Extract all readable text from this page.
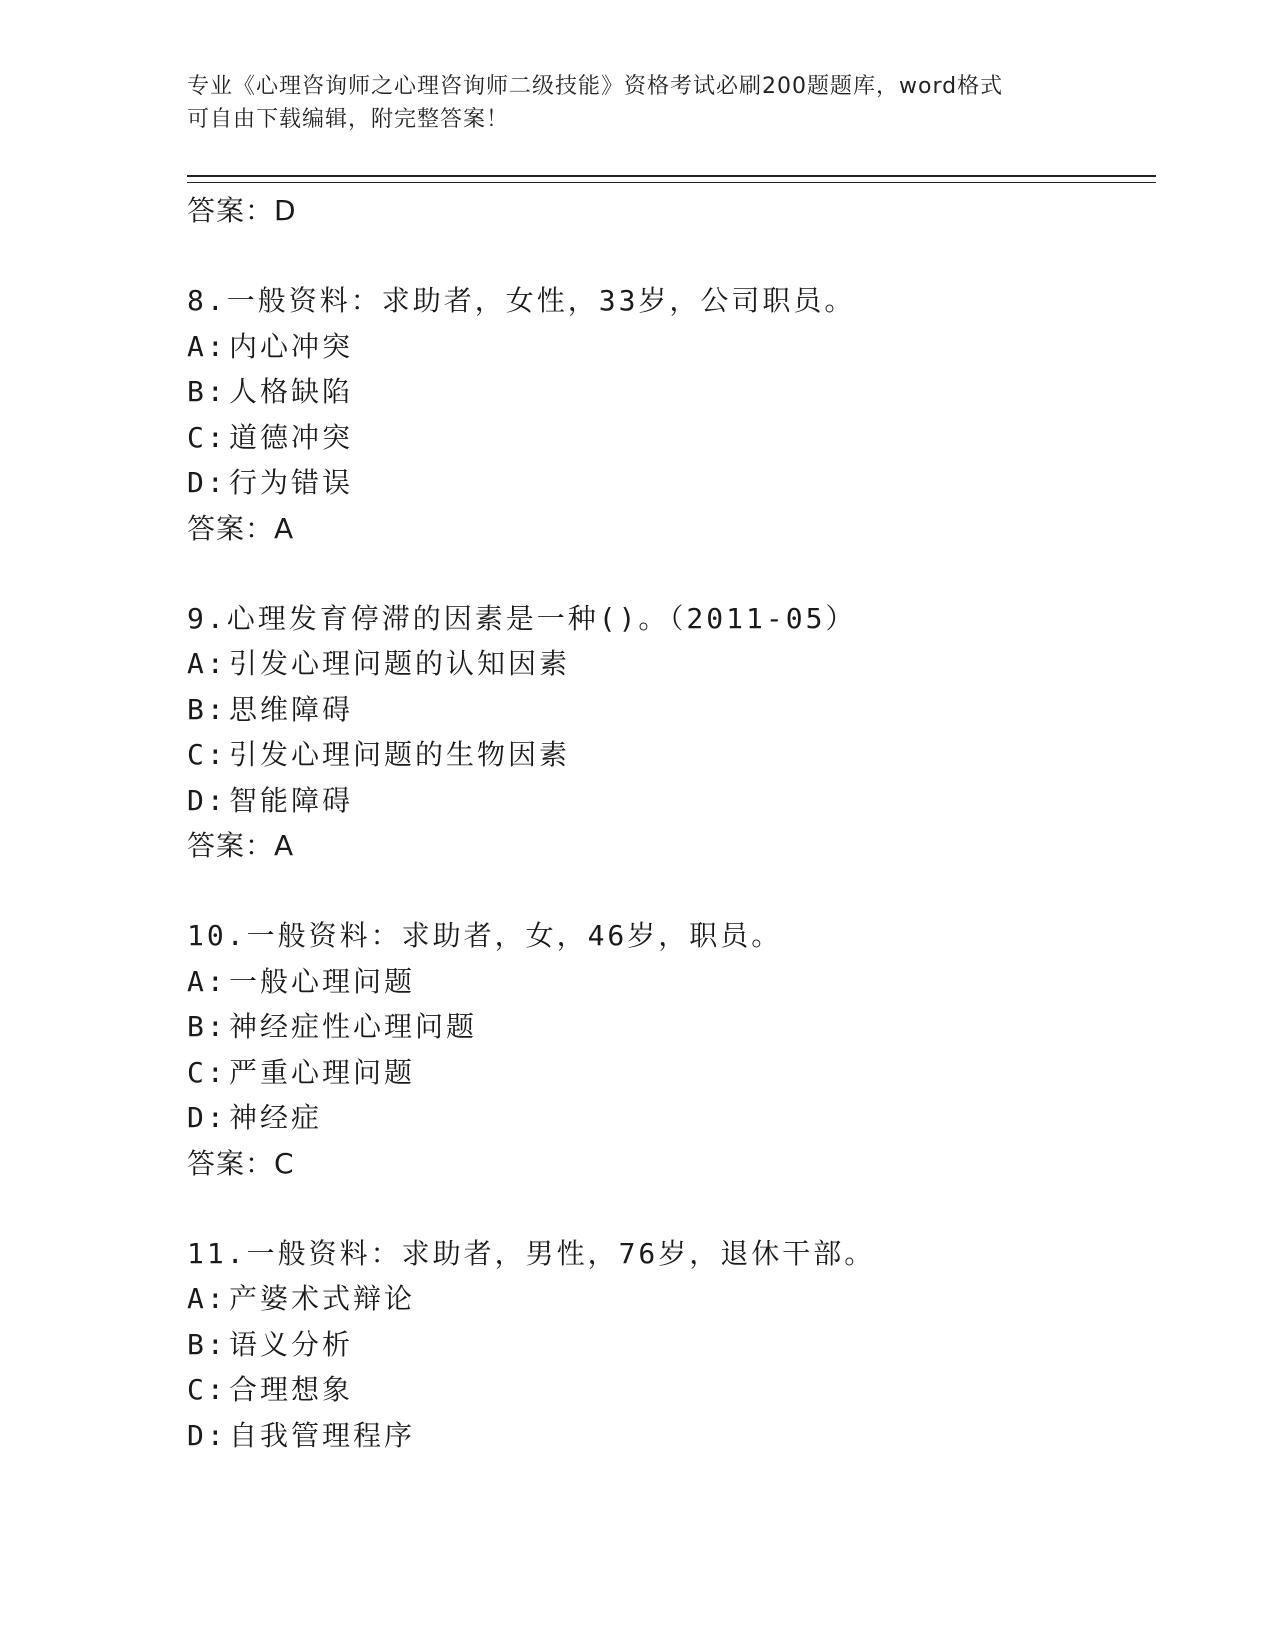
专业《心理咨询师之心理咨询师二级技能》资格考试必刷200题题库，word格式
可自由下载编辑，附完整答案！
答案：D
8.一般资料：求助者，女性，33岁，公司职员。
A:内心冲突
B:人格缺陷
C:道德冲突
D:行为错误
答案：A
9.心理发育停滞的因素是一种()。（2011-05）
A:引发心理问题的认知因素
B:思维障碍
C:引发心理问题的生物因素
D:智能障碍
答案：A
10.一般资料：求助者，女，46岁，职员。
A:一般心理问题
B:神经症性心理问题
C:严重心理问题
D:神经症
答案：C
11.一般资料：求助者，男性，76岁，退休干部。
A:产婆术式辩论
B:语义分析
C:合理想象
D:自我管理程序
